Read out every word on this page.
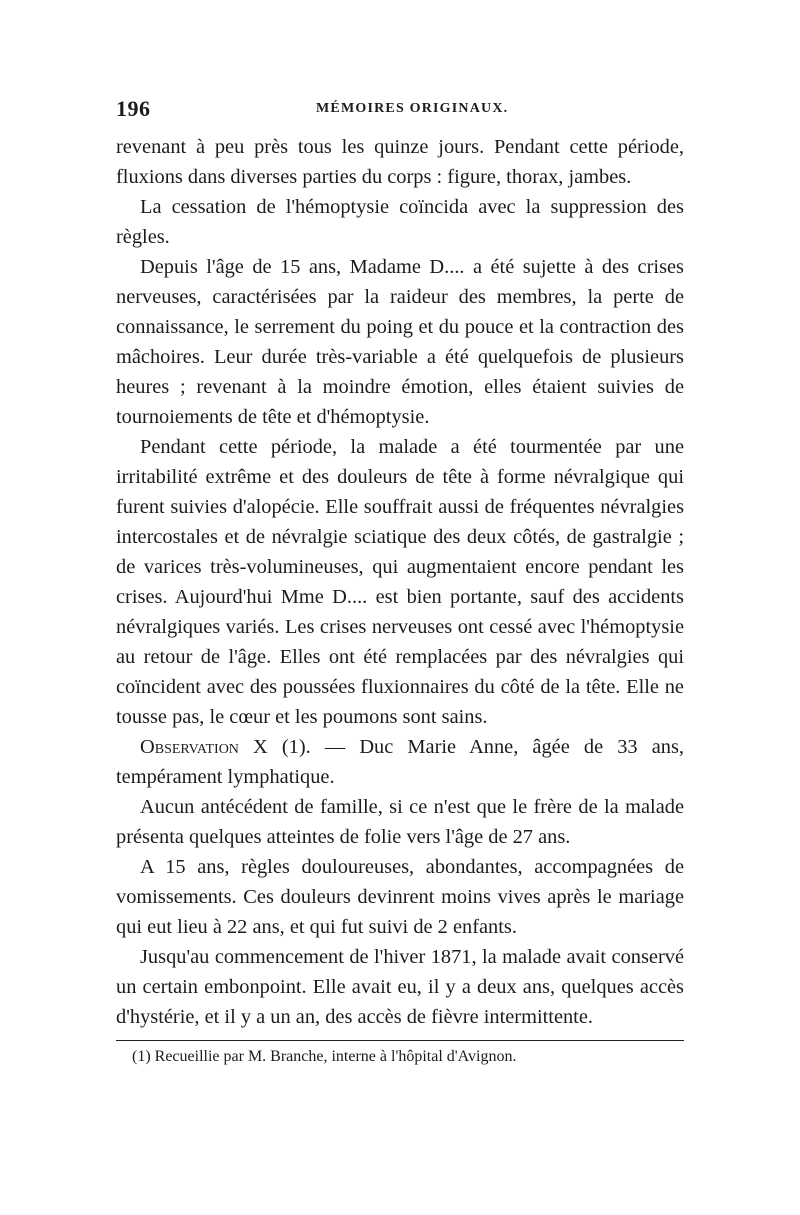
196	MÉMOIRES ORIGINAUX.

revenant à peu près tous les quinze jours. Pendant cette période, fluxions dans diverses parties du corps : figure, thorax, jambes.

La cessation de l'hémoptysie coïncida avec la suppression des règles.

Depuis l'âge de 15 ans, Madame D.... a été sujette à des crises nerveuses, caractérisées par la raideur des membres, la perte de connaissance, le serrement du poing et du pouce et la contraction des mâchoires. Leur durée très-variable a été quelquefois de plusieurs heures ; revenant à la moindre émotion, elles étaient suivies de tournoiements de tête et d'hémoptysie.

Pendant cette période, la malade a été tourmentée par une irritabilité extrême et des douleurs de tête à forme névralgique qui furent suivies d'alopécie. Elle souffrait aussi de fréquentes névralgies intercostales et de névralgie sciatique des deux côtés, de gastralgie ; de varices très-volumineuses, qui augmentaient encore pendant les crises. Aujourd'hui Mme D.... est bien portante, sauf des accidents névralgiques variés. Les crises nerveuses ont cessé avec l'hémoptysie au retour de l'âge. Elles ont été remplacées par des névralgies qui coïncident avec des poussées fluxionnaires du côté de la tête. Elle ne tousse pas, le cœur et les poumons sont sains.

Observation X (1). — Duc Marie Anne, âgée de 33 ans, tempérament lymphatique.

Aucun antécédent de famille, si ce n'est que le frère de la malade présenta quelques atteintes de folie vers l'âge de 27 ans.

A 15 ans, règles douloureuses, abondantes, accompagnées de vomissements. Ces douleurs devinrent moins vives après le mariage qui eut lieu à 22 ans, et qui fut suivi de 2 enfants.

Jusqu'au commencement de l'hiver 1871, la malade avait conservé un certain embonpoint. Elle avait eu, il y a deux ans, quelques accès d'hystérie, et il y a un an, des accès de fièvre intermittente.

(1) Recueillie par M. Branche, interne à l'hôpital d'Avignon.
